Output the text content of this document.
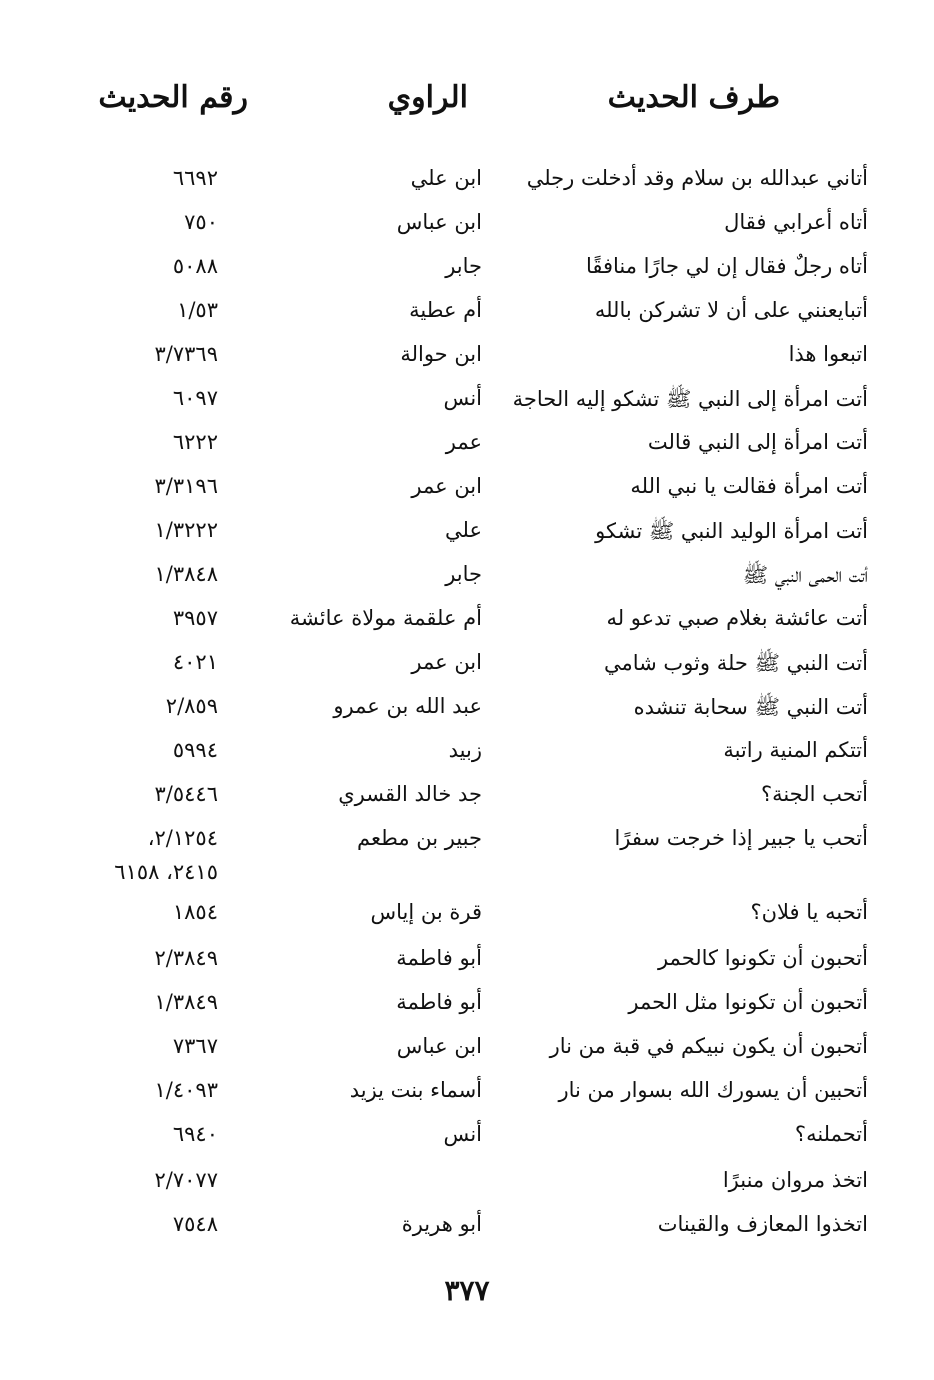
طرف الحديث
الراوي
رقم الحديث
أتاني عبدالله بن سلام وقد أدخلت رجلي
ابن علي
٦٦٩٢
أتاه أعرابي فقال
ابن عباس
٧٥٠
أتاه رجلٌ فقال إن لي جارًا منافقًا
جابر
٥٠٨٨
أتبايعنني على أن لا تشركن بالله
أم عطية
١/٥٣
اتبعوا هذا
ابن حوالة
٣/٧٣٦٩
أتت امرأة إلى النبي ﷺ تشكو إليه الحاجة
أنس
٦٠٩٧
أتت امرأة إلى النبي قالت
عمر
٦٢٢٢
أتت امرأة فقالت يا نبي الله
ابن عمر
٣/٣١٩٦
أتت امرأة الوليد النبي ﷺ تشكو
علي
١/٣٢٢٢
أتت الحمى النبي ﷺ
جابر
١/٣٨٤٨
أتت عائشة بغلام صبي تدعو له
أم علقمة مولاة عائشة
٣٩٥٧
أتت النبي ﷺ حلة وثوب شامي
ابن عمر
٤٠٢١
أتت النبي ﷺ سحابة تنشده
عبد الله بن عمرو
٢/٨٥٩
أتتكم المنية راتبة
زبيد
٥٩٩٤
أتحب الجنة؟
جد خالد القسري
٣/٥٤٤٦
أتحب يا جبير إذا خرجت سفرًا
جبير بن مطعم
٢/١٢٥٤،
٢٤١٥، ٦١٥٨
أتحبه يا فلان؟
قرة بن إياس
١٨٥٤
أتحبون أن تكونوا كالحمر
أبو فاطمة
٢/٣٨٤٩
أتحبون أن تكونوا مثل الحمر
أبو فاطمة
١/٣٨٤٩
أتحبون أن يكون نبيكم في قبة من نار
ابن عباس
٧٣٦٧
أتحبين أن يسورك الله بسوار من نار
أسماء بنت يزيد
١/٤٠٩٣
أتحملنه؟
أنس
٦٩٤٠
اتخذ مروان منبرًا
٢/٧٠٧٧
اتخذوا المعازف والقينات
أبو هريرة
٧٥٤٨
٣٧٧
